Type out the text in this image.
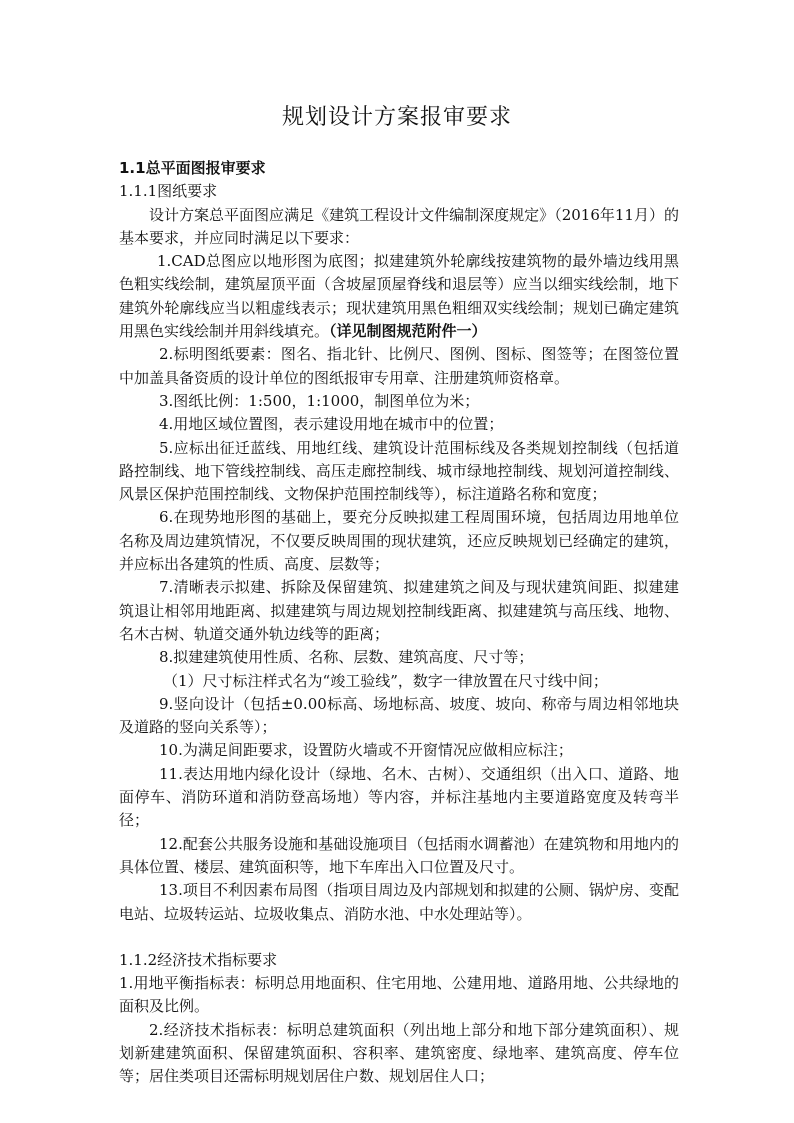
规划设计方案报审要求

1.1总平面图报审要求

1.1.1图纸要求

设计方案总平面图应满足《建筑工程设计文件编制深度规定》（2016年11月）的基本要求，并应同时满足以下要求：

1.CAD总图应以地形图为底图；拟建建筑外轮廓线按建筑物的最外墙边线用黑色粗实线绘制，建筑屋顶平面（含坡屋顶屋脊线和退层等）应当以细实线绘制，地下建筑外轮廓线应当以粗虚线表示；现状建筑用黑色粗细双实线绘制；规划已确定建筑用黑色实线绘制并用斜线填充。（详见制图规范附件一）

2.标明图纸要素：图名、指北针、比例尺、图例、图标、图签等；在图签位置中加盖具备资质的设计单位的图纸报审专用章、注册建筑师资格章。

3.图纸比例：1:500，1:1000，制图单位为米；

4.用地区域位置图，表示建设用地在城市中的位置；

5.应标出征迁蓝线、用地红线、建筑设计范围标线及各类规划控制线（包括道路控制线、地下管线控制线、高压走廊控制线、城市绿地控制线、规划河道控制线、风景区保护范围控制线、文物保护范围控制线等），标注道路名称和宽度；

6.在现势地形图的基础上，要充分反映拟建工程周围环境，包括周边用地单位名称及周边建筑情况，不仅要反映周围的现状建筑，还应反映规划已经确定的建筑，并应标出各建筑的性质、高度、层数等；

7.清晰表示拟建、拆除及保留建筑、拟建建筑之间及与现状建筑间距、拟建建筑退让相邻用地距离、拟建建筑与周边规划控制线距离、拟建建筑与高压线、地物、名木古树、轨道交通外轨边线等的距离；

8.拟建建筑使用性质、名称、层数、建筑高度、尺寸等；

（1）尺寸标注样式名为“竣工验线”，数字一律放置在尺寸线中间；

9.竖向设计（包括±0.00标高、场地标高、坡度、坡向、称帝与周边相邻地块及道路的竖向关系等）；

10.为满足间距要求，设置防火墙或不开窗情况应做相应标注；

11.表达用地内绿化设计（绿地、名木、古树）、交通组织（出入口、道路、地面停车、消防环道和消防登高场地）等内容，并标注基地内主要道路宽度及转弯半径；

12.配套公共服务设施和基础设施项目（包括雨水调蓄池）在建筑物和用地内的具体位置、楼层、建筑面积等，地下车库出入口位置及尺寸。

13.项目不利因素布局图（指项目周边及内部规划和拟建的公厕、锅炉房、变配电站、垃圾转运站、垃圾收集点、消防水池、中水处理站等）。

1.1.2经济技术指标要求

1.用地平衡指标表：标明总用地面积、住宅用地、公建用地、道路用地、公共绿地的面积及比例。

2.经济技术指标表：标明总建筑面积（列出地上部分和地下部分建筑面积）、规划新建建筑面积、保留建筑面积、容积率、建筑密度、绿地率、建筑高度、停车位等；居住类项目还需标明规划居住户数、规划居住人口；
